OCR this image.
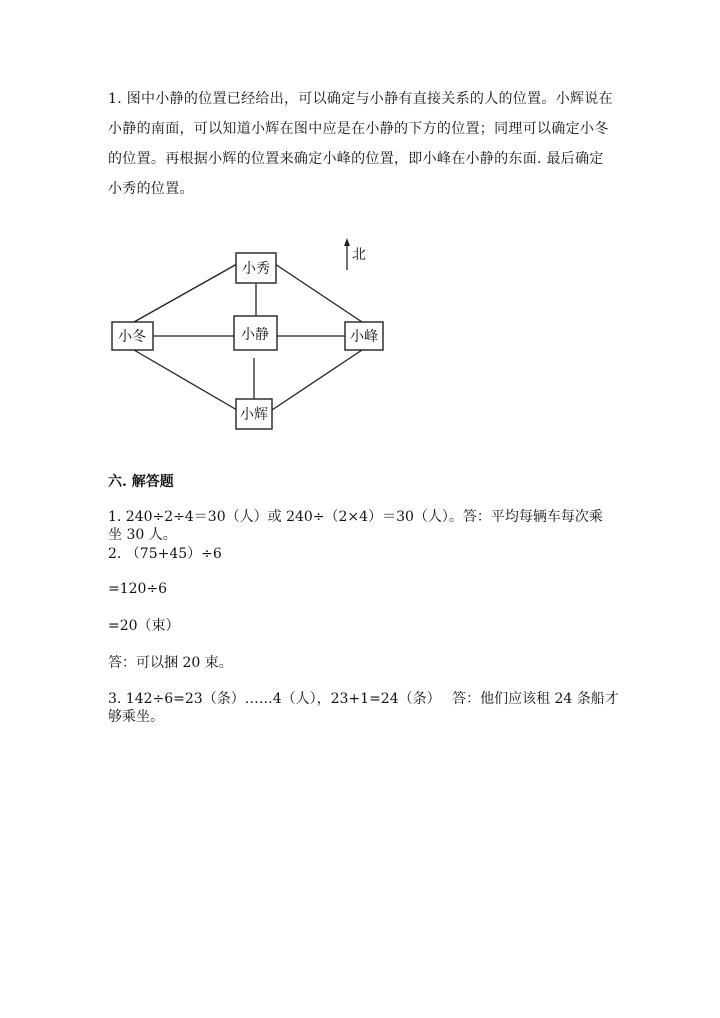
1. 图中小静的位置已经给出，可以确定与小静有直接关系的人的位置。小辉说在小静的南面，可以知道小辉在图中应是在小静的下方的位置；同理可以确定小冬的位置。再根据小辉的位置来确定小峰的位置，即小峰在小静的东面. 最后确定小秀的位置。

小秀
小冬	小静	小峰
小辉
北

六. 解答题

1. 240÷2÷4＝30（人）或 240÷（2×4）＝30（人）。答：平均每辆车每次乘

坐 30 人。

2. （75+45）÷6

=120÷6

=20（束）

答：可以捆 20 束。

3. 142÷6=23（条）……4（人），23+1=24（条）　 答：他们应该租 24 条船才

够乘坐。
